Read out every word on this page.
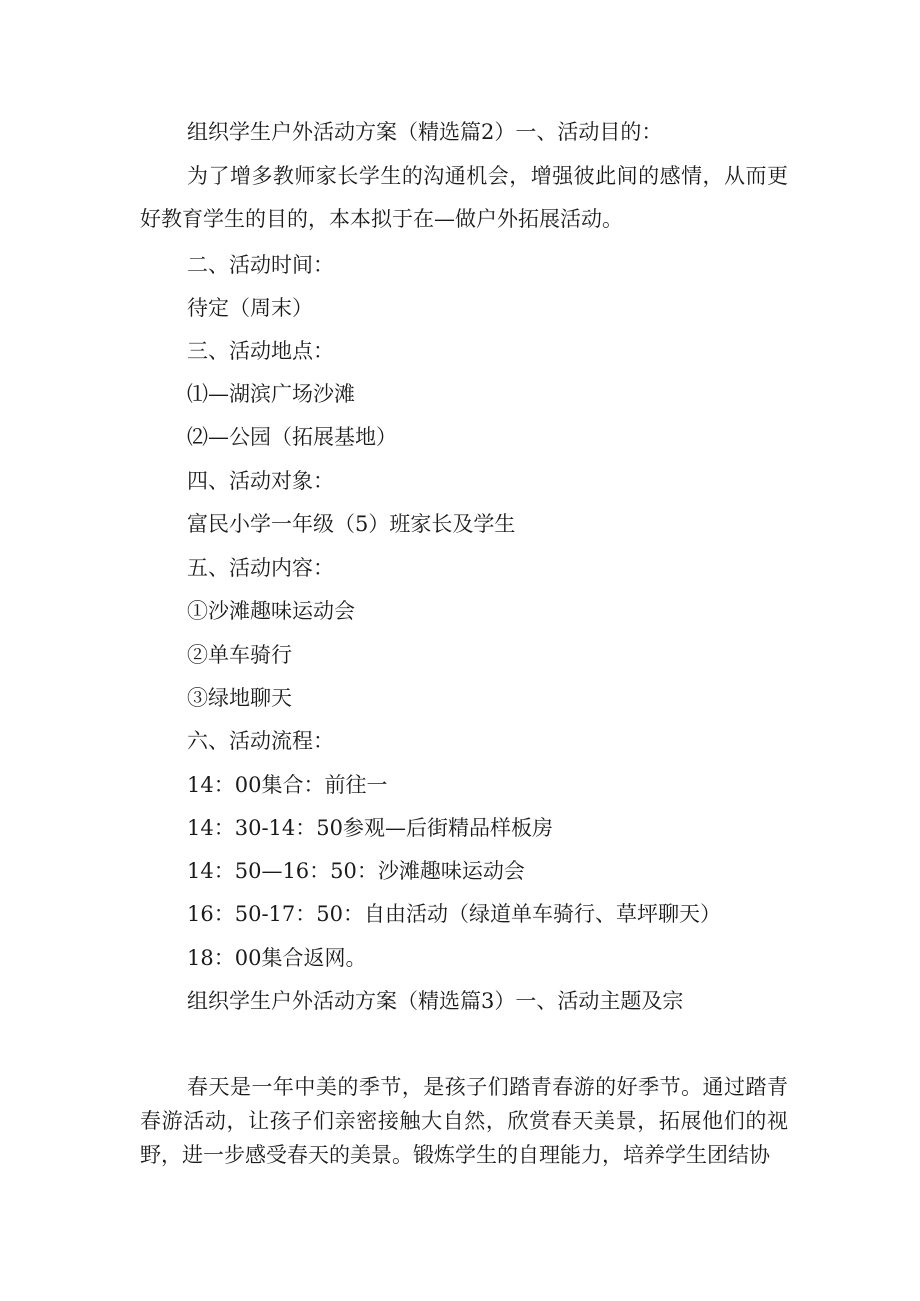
组织学生户外活动方案（精选篇2）一、活动目的：
为了增多教师家长学生的沟通机会，增强彼此间的感情，从而更好教育学生的目的，本本拟于在—做户外拓展活动。
二、活动时间：
待定（周末）
三、活动地点：
⑴—湖滨广场沙滩
⑵—公园（拓展基地）
四、活动对象：
富民小学一年级（5）班家长及学生
五、活动内容：
①沙滩趣味运动会
②单车骑行
③绿地聊天
六、活动流程：
14：00集合：前往一
14：30-14：50参观—后街精品样板房
14：50—16：50：沙滩趣味运动会
16：50-17：50：自由活动（绿道单车骑行、草坪聊天）
18：00集合返网。
组织学生户外活动方案（精选篇3）一、活动主题及宗
春天是一年中美的季节，是孩子们踏青春游的好季节。通过踏青春游活动，让孩子们亲密接触大自然，欣赏春天美景，拓展他们的视野，进一步感受春天的美景。锻炼学生的自理能力，培养学生团结协
